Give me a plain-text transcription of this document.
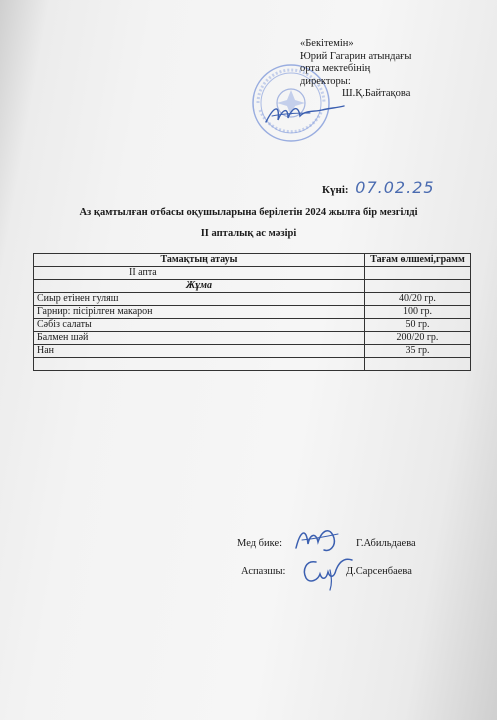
«Бекітемін»
Юрий Гагарин атындағы
орта мектебінің
директоры:
Ш.Қ.Байтақова
Күні: 07.02.25
Аз қамтылған отбасы оқушыларына берілетін 2024 жылға бір мезгілді
II апталық ас мәзірі
Тамақтың атауы	Тағам өлшемі,грамм
II апта	
Жұма	
Сиыр етінен гуляш	40/20 гр.
Гарнир: пісірілген макарон	100 гр.
Сәбіз салаты	50 гр.
Балмен шәй	200/20 гр.
Нан	35 гр.

Мед бике:	Г.Абильдаева
Аспазшы:	Д.Сарсенбаева
